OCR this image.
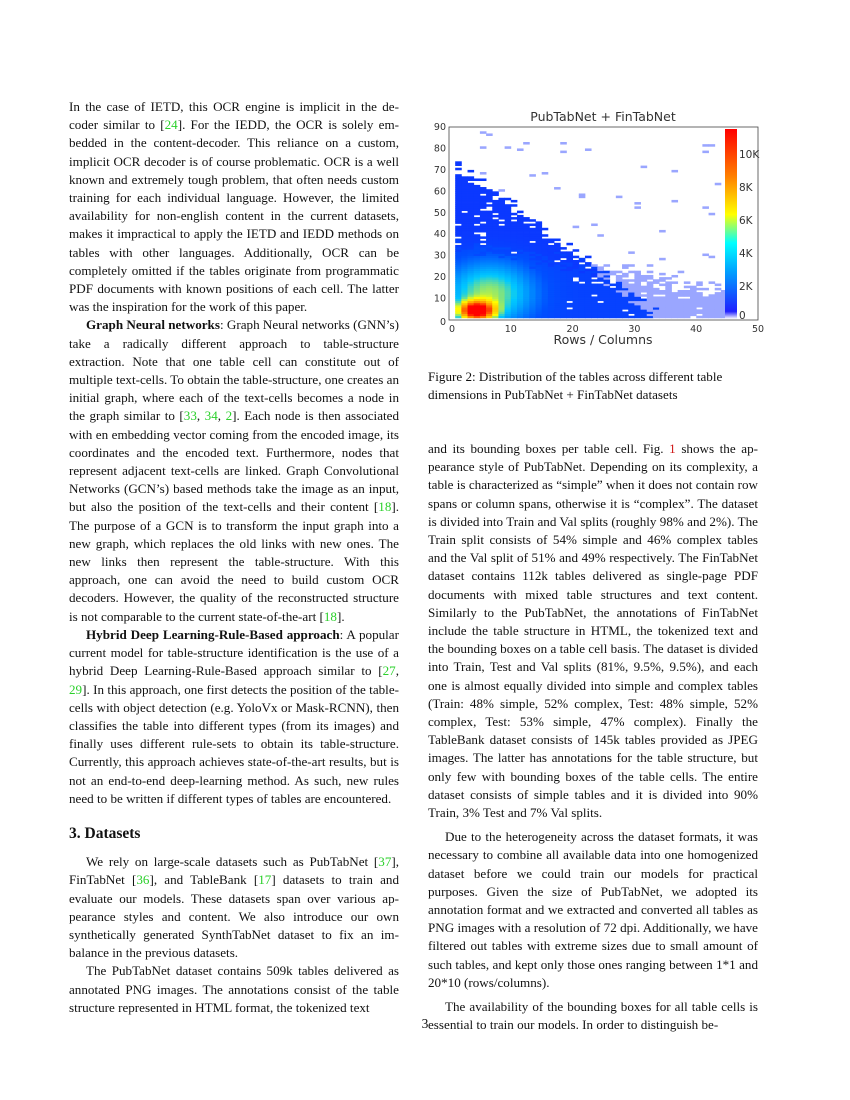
In the case of IETD, this OCR engine is implicit in the decoder similar to [24]. For the IEDD, the OCR is solely embedded in the content-decoder. This reliance on a custom, implicit OCR decoder is of course problematic. OCR is a well known and extremely tough problem, that often needs custom training for each individual language. However, the limited availability for non-english content in the current datasets, makes it impractical to apply the IETD and IEDD methods on tables with other languages. Additionally, OCR can be completely omitted if the tables originate from programmatic PDF documents with known positions of each cell. The latter was the inspiration for the work of this paper.

Graph Neural networks: Graph Neural networks (GNN’s) take a radically different approach to table-structure extraction. Note that one table cell can constitute out of multiple text-cells. To obtain the table-structure, one creates an initial graph, where each of the text-cells becomes a node in the graph similar to [33, 34, 2]. Each node is then associated with en embedding vector coming from the encoded image, its coordinates and the encoded text. Furthermore, nodes that represent adjacent text-cells are linked. Graph Convolutional Networks (GCN’s) based methods take the image as an input, but also the position of the text-cells and their content [18]. The purpose of a GCN is to transform the input graph into a new graph, which replaces the old links with new ones. The new links then represent the table-structure. With this approach, one can avoid the need to build custom OCR decoders. However, the quality of the reconstructed structure is not comparable to the current state-of-the-art [18].

Hybrid Deep Learning-Rule-Based approach: A popular current model for table-structure identification is the use of a hybrid Deep Learning-Rule-Based approach similar to [27, 29]. In this approach, one first detects the position of the table-cells with object detection (e.g. YoloVx or Mask-RCNN), then classifies the table into different types (from its images) and finally uses different rule-sets to obtain its table-structure. Currently, this approach achieves state-of-the-art results, but is not an end-to-end deep-learning method. As such, new rules need to be written if different types of tables are encountered.

3. Datasets

We rely on large-scale datasets such as PubTabNet [37], FinTabNet [36], and TableBank [17] datasets to train and evaluate our models. These datasets span over various appearance styles and content. We also introduce our own synthetically generated SynthTabNet dataset to fix an imbalance in the previous datasets.

The PubTabNet dataset contains 509k tables delivered as annotated PNG images. The annotations consist of the table structure represented in HTML format, the tokenized text

PubTabNet + FinTabNet
0	10	20	30	40	50
0
10
20
30
40
50
60
70
80
90
0
2K
4K
6K
8K
10K
Rows / Columns

Figure 2: Distribution of the tables across different table dimensions in PubTabNet + FinTabNet datasets

and its bounding boxes per table cell. Fig. 1 shows the appearance style of PubTabNet. Depending on its complexity, a table is characterized as “simple” when it does not contain row spans or column spans, otherwise it is “complex”. The dataset is divided into Train and Val splits (roughly 98% and 2%). The Train split consists of 54% simple and 46% complex tables and the Val split of 51% and 49% respectively. The FinTabNet dataset contains 112k tables delivered as single-page PDF documents with mixed table structures and text content. Similarly to the PubTabNet, the annotations of FinTabNet include the table structure in HTML, the tokenized text and the bounding boxes on a table cell basis. The dataset is divided into Train, Test and Val splits (81%, 9.5%, 9.5%), and each one is almost equally divided into simple and complex tables (Train: 48% simple, 52% complex, Test: 48% simple, 52% complex, Test: 53% simple, 47% complex). Finally the TableBank dataset consists of 145k tables provided as JPEG images. The latter has annotations for the table structure, but only few with bounding boxes of the table cells. The entire dataset consists of simple tables and it is divided into 90% Train, 3% Test and 7% Val splits.

Due to the heterogeneity across the dataset formats, it was necessary to combine all available data into one homogenized dataset before we could train our models for practical purposes. Given the size of PubTabNet, we adopted its annotation format and we extracted and converted all tables as PNG images with a resolution of 72 dpi. Additionally, we have filtered out tables with extreme sizes due to small amount of such tables, and kept only those ones ranging between 1*1 and 20*10 (rows/columns).

The availability of the bounding boxes for all table cells is essential to train our models. In order to distinguish be-

3
